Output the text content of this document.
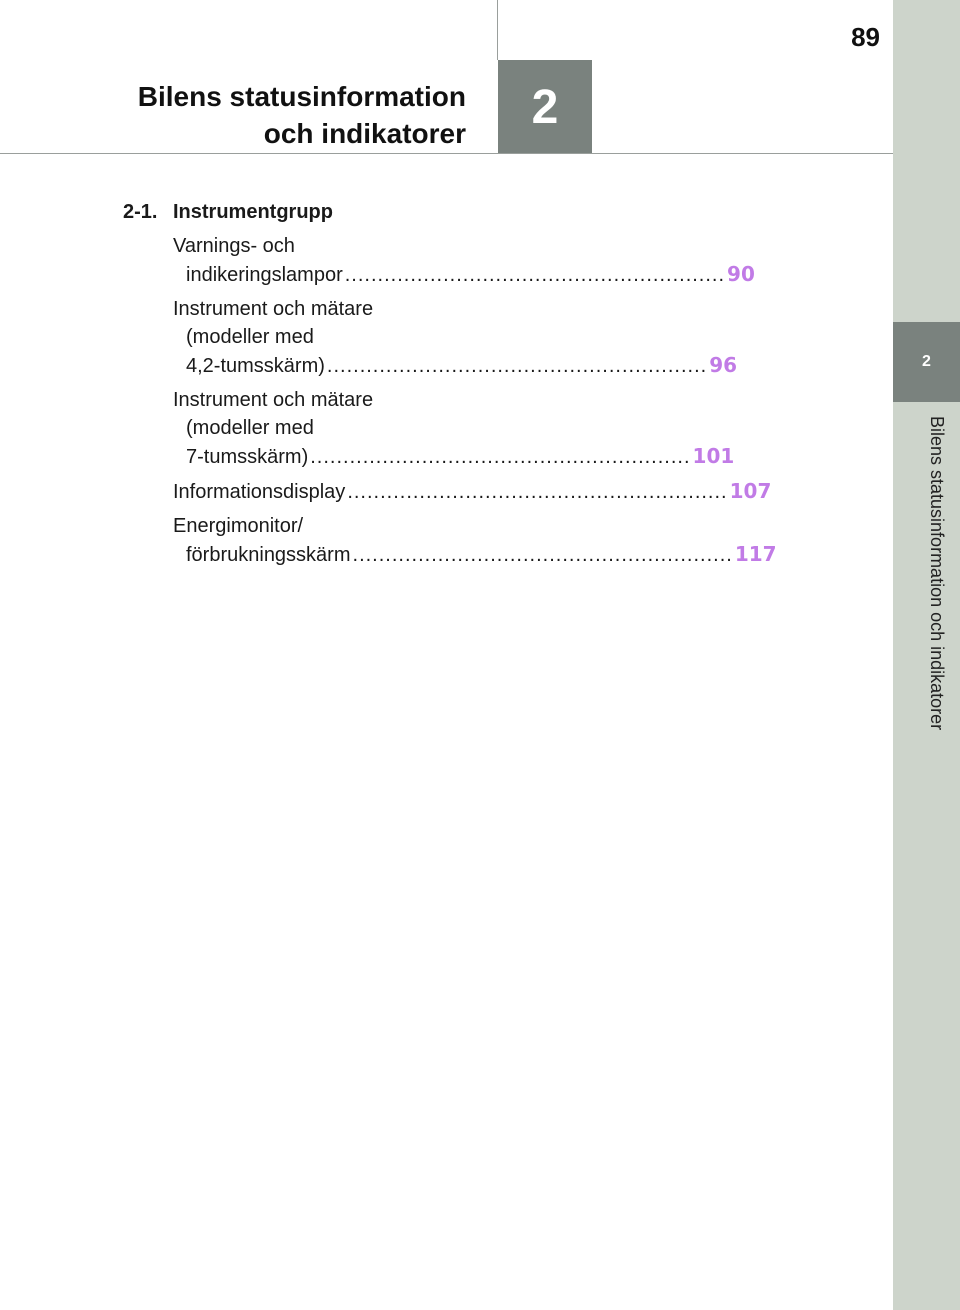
2
Bilens statusinformation och indikatorer
89
Bilens statusinformation
och indikatorer	2
2-1. Instrumentgrupp
Varnings- och
indikeringslampor .......................................................... 90
Instrument och mätare
(modeller med
4,2-tumsskärm) .......................................................... 96
Instrument och mätare
(modeller med
7-tumsskärm) .......................................................... 101
Informationsdisplay .......................................................... 107
Energimonitor/
förbrukningsskärm .......................................................... 117
